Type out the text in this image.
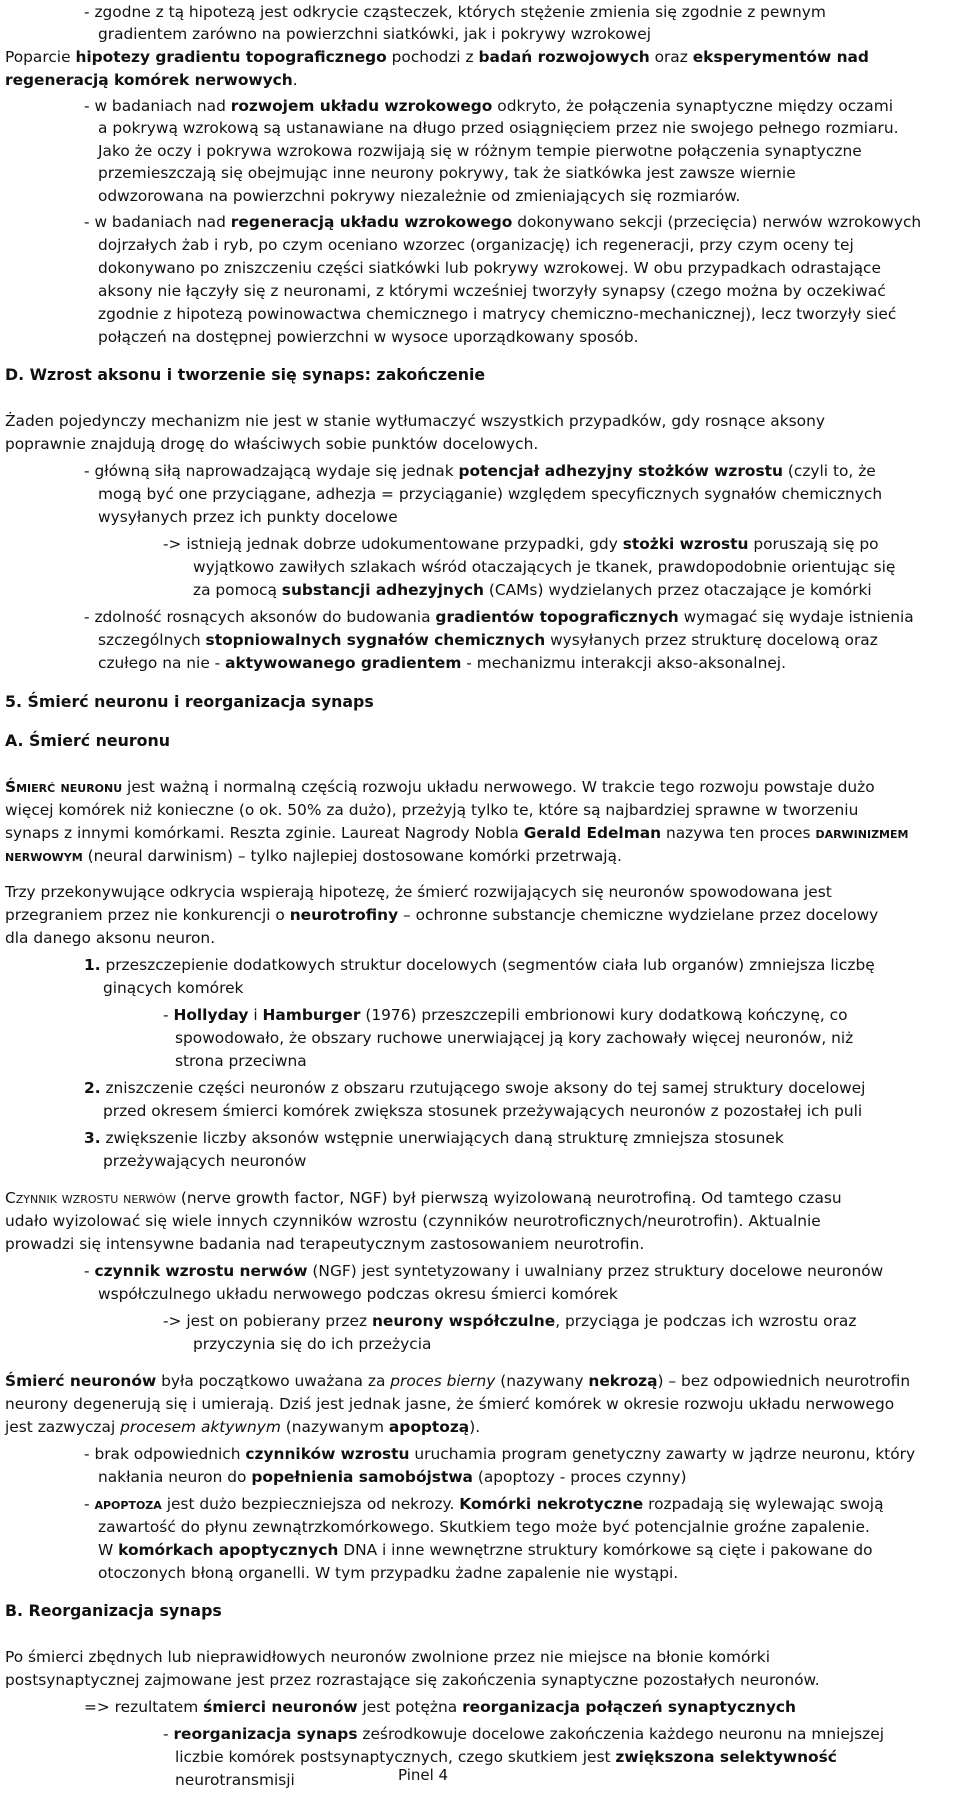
- zgodne z tą hipotezą jest odkrycie cząsteczek, których stężenie zmienia się zgodnie z pewnym
gradientem zarówno na powierzchni siatkówki, jak i pokrywy wzrokowej
Poparcie hipotezy gradientu topograficznego pochodzi z badań rozwojowych oraz eksperymentów nad
regeneracją komórek nerwowych.
- w badaniach nad rozwojem układu wzrokowego odkryto, że połączenia synaptyczne między oczami
a pokrywą wzrokową są ustanawiane na długo przed osiągnięciem przez nie swojego pełnego rozmiaru.
Jako że oczy i pokrywa wzrokowa rozwijają się w różnym tempie pierwotne połączenia synaptyczne
przemieszczają się obejmując inne neurony pokrywy, tak że siatkówka jest zawsze wiernie
odwzorowana na powierzchni pokrywy niezależnie od zmieniających się rozmiarów.
- w badaniach nad regeneracją układu wzrokowego dokonywano sekcji (przecięcia) nerwów wzrokowych
dojrzałych żab i ryb, po czym oceniano wzorzec (organizację) ich regeneracji, przy czym oceny tej
dokonywano po zniszczeniu części siatkówki lub pokrywy wzrokowej. W obu przypadkach odrastające
aksony nie łączyły się z neuronami, z którymi wcześniej tworzyły synapsy (czego można by oczekiwać
zgodnie z hipotezą powinowactwa chemicznego i matrycy chemiczno-mechanicznej), lecz tworzyły sieć
połączeń na dostępnej powierzchni w wysoce uporządkowany sposób.
D. Wzrost aksonu i tworzenie się synaps: zakończenie
Żaden pojedynczy mechanizm nie jest w stanie wytłumaczyć wszystkich przypadków, gdy rosnące aksony
poprawnie znajdują drogę do właściwych sobie punktów docelowych.
- główną siłą naprowadzającą wydaje się jednak potencjał adhezyjny stożków wzrostu (czyli to, że
mogą być one przyciągane, adhezja = przyciąganie) względem specyficznych sygnałów chemicznych
wysyłanych przez ich punkty docelowe
-> istnieją jednak dobrze udokumentowane przypadki, gdy stożki wzrostu poruszają się po
wyjątkowo zawiłych szlakach wśród otaczających je tkanek, prawdopodobnie orientując się
za pomocą substancji adhezyjnych (CAMs) wydzielanych przez otaczające je komórki
- zdolność rosnących aksonów do budowania gradientów topograficznych wymagać się wydaje istnienia
szczególnych stopniowalnych sygnałów chemicznych wysyłanych przez strukturę docelową oraz
czułego na nie - aktywowanego gradientem - mechanizmu interakcji akso-aksonalnej.
5. Śmierć neuronu i reorganizacja synaps
A. Śmierć neuronu
Śmierć neuronu jest ważną i normalną częścią rozwoju układu nerwowego. W trakcie tego rozwoju powstaje dużo
więcej komórek niż konieczne (o ok. 50% za dużo), przeżyją tylko te, które są najbardziej sprawne w tworzeniu
synaps z innymi komórkami. Reszta zginie. Laureat Nagrody Nobla Gerald Edelman nazywa ten proces darwinizmem
nerwowym (neural darwinism) – tylko najlepiej dostosowane komórki przetrwają.
Trzy przekonywujące odkrycia wspierają hipotezę, że śmierć rozwijających się neuronów spowodowana jest
przegraniem przez nie konkurencji o neurotrofiny – ochronne substancje chemiczne wydzielane przez docelowy
dla danego aksonu neuron.
1. przeszczepienie dodatkowych struktur docelowych (segmentów ciała lub organów) zmniejsza liczbę
ginących komórek
- Hollyday i Hamburger (1976) przeszczepili embrionowi kury dodatkową kończynę, co
spowodowało, że obszary ruchowe unerwiającej ją kory zachowały więcej neuronów, niż
strona przeciwna
2. zniszczenie części neuronów z obszaru rzutującego swoje aksony do tej samej struktury docelowej
przed okresem śmierci komórek zwiększa stosunek przeżywających neuronów z pozostałej ich puli
3. zwiększenie liczby aksonów wstępnie unerwiających daną strukturę zmniejsza stosunek
przeżywających neuronów
Czynnik wzrostu nerwów (nerve growth factor, NGF) był pierwszą wyizolowaną neurotrofiną. Od tamtego czasu
udało wyizolować się wiele innych czynników wzrostu (czynników neurotroficznych/neurotrofin). Aktualnie
prowadzi się intensywne badania nad terapeutycznym zastosowaniem neurotrofin.
- czynnik wzrostu nerwów (NGF) jest syntetyzowany i uwalniany przez struktury docelowe neuronów
współczulnego układu nerwowego podczas okresu śmierci komórek
-> jest on pobierany przez neurony współczulne, przyciąga je podczas ich wzrostu oraz
przyczynia się do ich przeżycia
Śmierć neuronów była początkowo uważana za proces bierny (nazywany nekrozą) – bez odpowiednich neurotrofin
neurony degenerują się i umierają. Dziś jest jednak jasne, że śmierć komórek w okresie rozwoju układu nerwowego
jest zazwyczaj procesem aktywnym (nazywanym apoptozą).
- brak odpowiednich czynników wzrostu uruchamia program genetyczny zawarty w jądrze neuronu, który
nakłania neuron do popełnienia samobójstwa (apoptozy - proces czynny)
- apoptoza jest dużo bezpieczniejsza od nekrozy. Komórki nekrotyczne rozpadają się wylewając swoją
zawartość do płynu zewnątrzkomórkowego. Skutkiem tego może być potencjalnie groźne zapalenie.
W komórkach apoptycznych DNA i inne wewnętrzne struktury komórkowe są cięte i pakowane do
otoczonych błoną organelli. W tym przypadku żadne zapalenie nie wystąpi.
B. Reorganizacja synaps
Po śmierci zbędnych lub nieprawidłowych neuronów zwolnione przez nie miejsce na błonie komórki
postsynaptycznej zajmowane jest przez rozrastające się zakończenia synaptyczne pozostałych neuronów.
=> rezultatem śmierci neuronów jest potężna reorganizacja połączeń synaptycznych
- reorganizacja synaps ześrodkowuje docelowe zakończenia każdego neuronu na mniejszej
liczbie komórek postsynaptycznych, czego skutkiem jest zwiększona selektywność
neurotransmisji	Pinel 4
